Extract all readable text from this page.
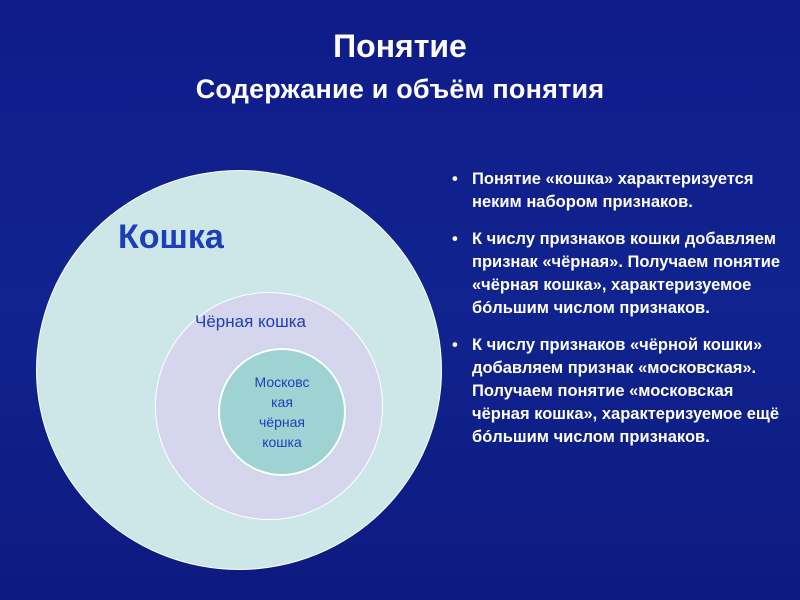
Понятие
Содержание и объём понятия
Кошка
Чёрная кошка
Московс
кая
чёрная
кошка
• Понятие «кошка» характеризуется неким набором признаков.
• К числу признаков кошки добавляем признак «чёрная». Получаем понятие «чёрная кошка», характеризуемое бóльшим числом признаков.
• К числу признаков «чёрной кошки» добавляем признак «московская». Получаем понятие «московская чёрная кошка», характеризуемое ещё бóльшим числом признаков.
